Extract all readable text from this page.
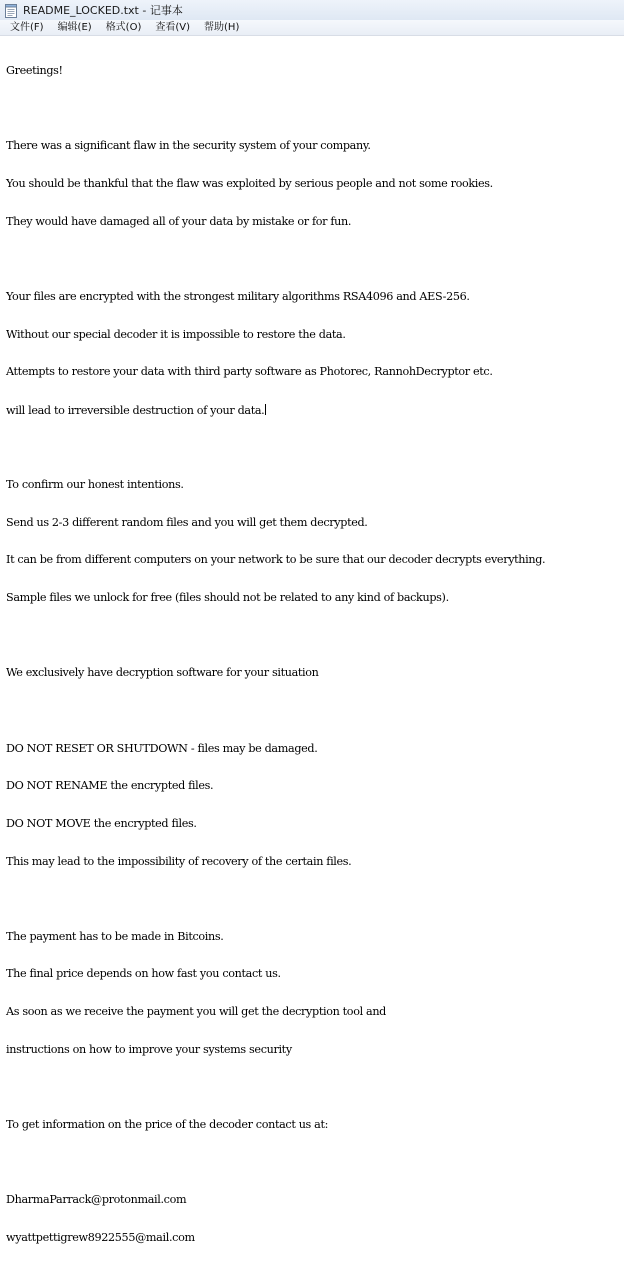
README_LOCKED.txt - 记事本
文件(F)	编辑(E)	格式(O)	查看(V)	帮助(H)

Greetings!

There was a significant flaw in the security system of your company.

You should be thankful that the flaw was exploited by serious people and not some rookies.

They would have damaged all of your data by mistake or for fun.

Your files are encrypted with the strongest military algorithms RSA4096 and AES-256.

Without our special decoder it is impossible to restore the data.

Attempts to restore your data with third party software as Photorec, RannohDecryptor etc.

will lead to irreversible destruction of your data.

To confirm our honest intentions.

Send us 2-3 different random files and you will get them decrypted.

It can be from different computers on your network to be sure that our decoder decrypts everything.

Sample files we unlock for free (files should not be related to any kind of backups).

We exclusively have decryption software for your situation

DO NOT RESET OR SHUTDOWN - files may be damaged.

DO NOT RENAME the encrypted files.

DO NOT MOVE the encrypted files.

This may lead to the impossibility of recovery of the certain files.

The payment has to be made in Bitcoins.

The final price depends on how fast you contact us.

As soon as we receive the payment you will get the decryption tool and

instructions on how to improve your systems security

To get information on the price of the decoder contact us at:

DharmaParrack@protonmail.com

wyattpettigrew8922555@mail.com
